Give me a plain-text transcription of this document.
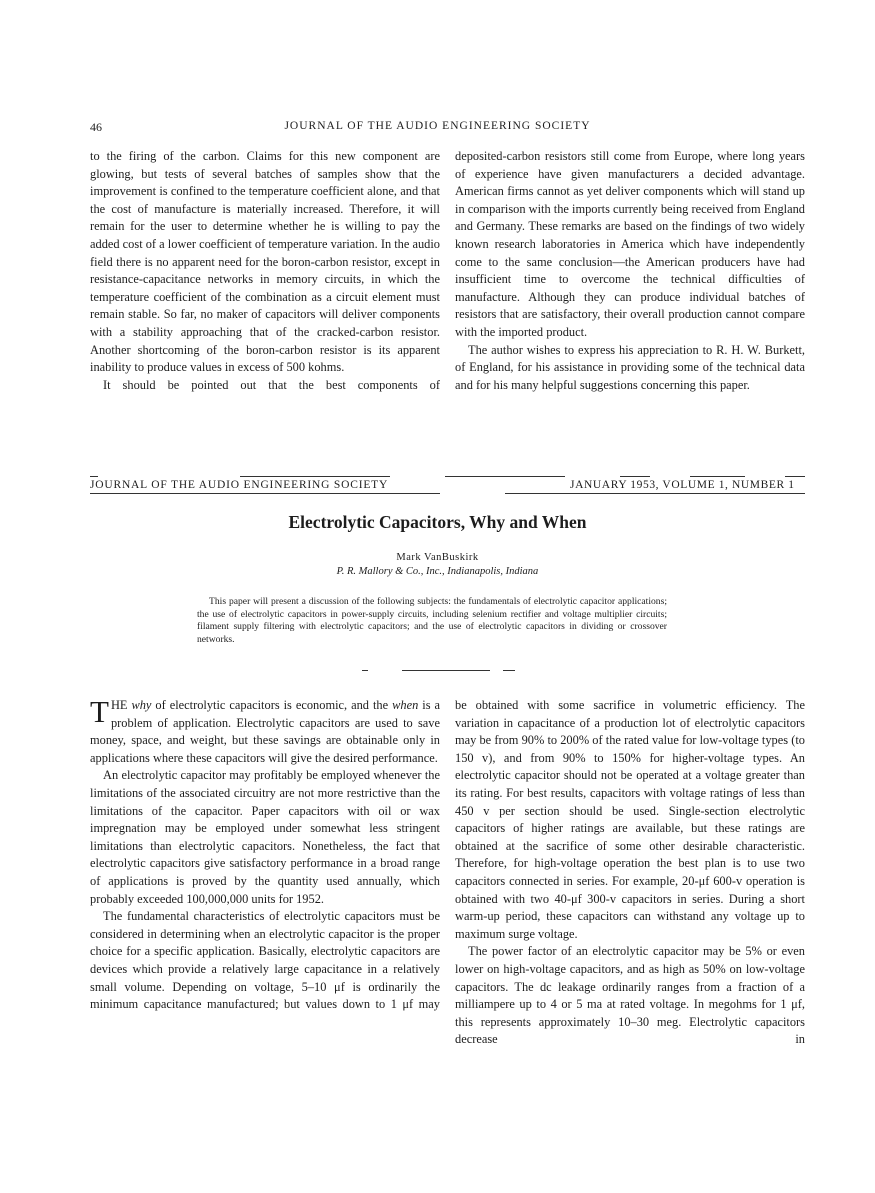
46	JOURNAL OF THE AUDIO ENGINEERING SOCIETY

to the firing of the carbon. Claims for this new component are glowing, but tests of several batches of samples show that the improvement is confined to the temperature coefficient alone, and that the cost of manufacture is materially increased. Therefore, it will remain for the user to determine whether he is willing to pay the added cost of a lower coefficient of temperature variation. In the audio field there is no apparent need for the boron-carbon resistor, except in resistance-capacitance networks in memory circuits, in which the temperature coefficient of the combination as a circuit element must remain stable. So far, no maker of capacitors will deliver components with a stability approaching that of the cracked-carbon resistor. Another shortcoming of the boron-carbon resistor is its apparent inability to produce values in excess of 500 kohms.

It should be pointed out that the best components of

deposited-carbon resistors still come from Europe, where long years of experience have given manufacturers a decided advantage. American firms cannot as yet deliver components which will stand up in comparison with the imports currently being received from England and Germany. These remarks are based on the findings of two widely known research laboratories in America which have independently come to the same conclusion—the American producers have had insufficient time to overcome the technical difficulties of manufacture. Although they can produce individual batches of resistors that are satisfactory, their overall production cannot compare with the imported product.

The author wishes to express his appreciation to R. H. W. Burkett, of England, for his assistance in providing some of the technical data and for his many helpful suggestions concerning this paper.

JOURNAL OF THE AUDIO ENGINEERING SOCIETY	JANUARY 1953, VOLUME 1, NUMBER 1
Electrolytic Capacitors, Why and When
Mark VanBuskirk
P. R. Mallory & Co., Inc., Indianapolis, Indiana

This paper will present a discussion of the following subjects: the fundamentals of electrolytic capacitor applications; the use of electrolytic capacitors in power-supply circuits, including selenium rectifier and voltage multiplier circuits; filament supply filtering with electrolytic capacitors; and the use of electrolytic capacitors in dividing or crossover networks.

THE why of electrolytic capacitors is economic, and the when is a problem of application. Electrolytic capacitors are used to save money, space, and weight, but these savings are obtainable only in applications where these capacitors will give the desired performance.

An electrolytic capacitor may profitably be employed whenever the limitations of the associated circuitry are not more restrictive than the limitations of the capacitor. Paper capacitors with oil or wax impregnation may be employed under somewhat less stringent limitations than electrolytic capacitors. Nonetheless, the fact that electrolytic capacitors give satisfactory performance in a broad range of applications is proved by the quantity used annually, which probably exceeded 100,000,000 units for 1952.

The fundamental characteristics of electrolytic capacitors must be considered in determining when an electrolytic capacitor is the proper choice for a specific application. Basically, electrolytic capacitors are devices which provide a relatively large capacitance in a relatively small volume. Depending on voltage, 5–10 μf is ordinarily the minimum capacitance manufactured; but values down to 1 μf may

be obtained with some sacrifice in volumetric efficiency. The variation in capacitance of a production lot of electrolytic capacitors may be from 90% to 200% of the rated value for low-voltage types (to 150 v), and from 90% to 150% for higher-voltage types. An electrolytic capacitor should not be operated at a voltage greater than its rating. For best results, capacitors with voltage ratings of less than 450 v per section should be used. Single-section electrolytic capacitors of higher ratings are available, but these ratings are obtained at the sacrifice of some other desirable characteristic. Therefore, for high-voltage operation the best plan is to use two capacitors connected in series. For example, 20-μf 600-v operation is obtained with two 40-μf 300-v capacitors in series. During a short warm-up period, these capacitors can withstand any voltage up to maximum surge voltage.

The power factor of an electrolytic capacitor may be 5% or even lower on high-voltage capacitors, and as high as 50% on low-voltage capacitors. The dc leakage ordinarily ranges from a fraction of a milliampere up to 4 or 5 ma at rated voltage. In megohms for 1 μf, this represents approximately 10–30 meg. Electrolytic capacitors decrease in
